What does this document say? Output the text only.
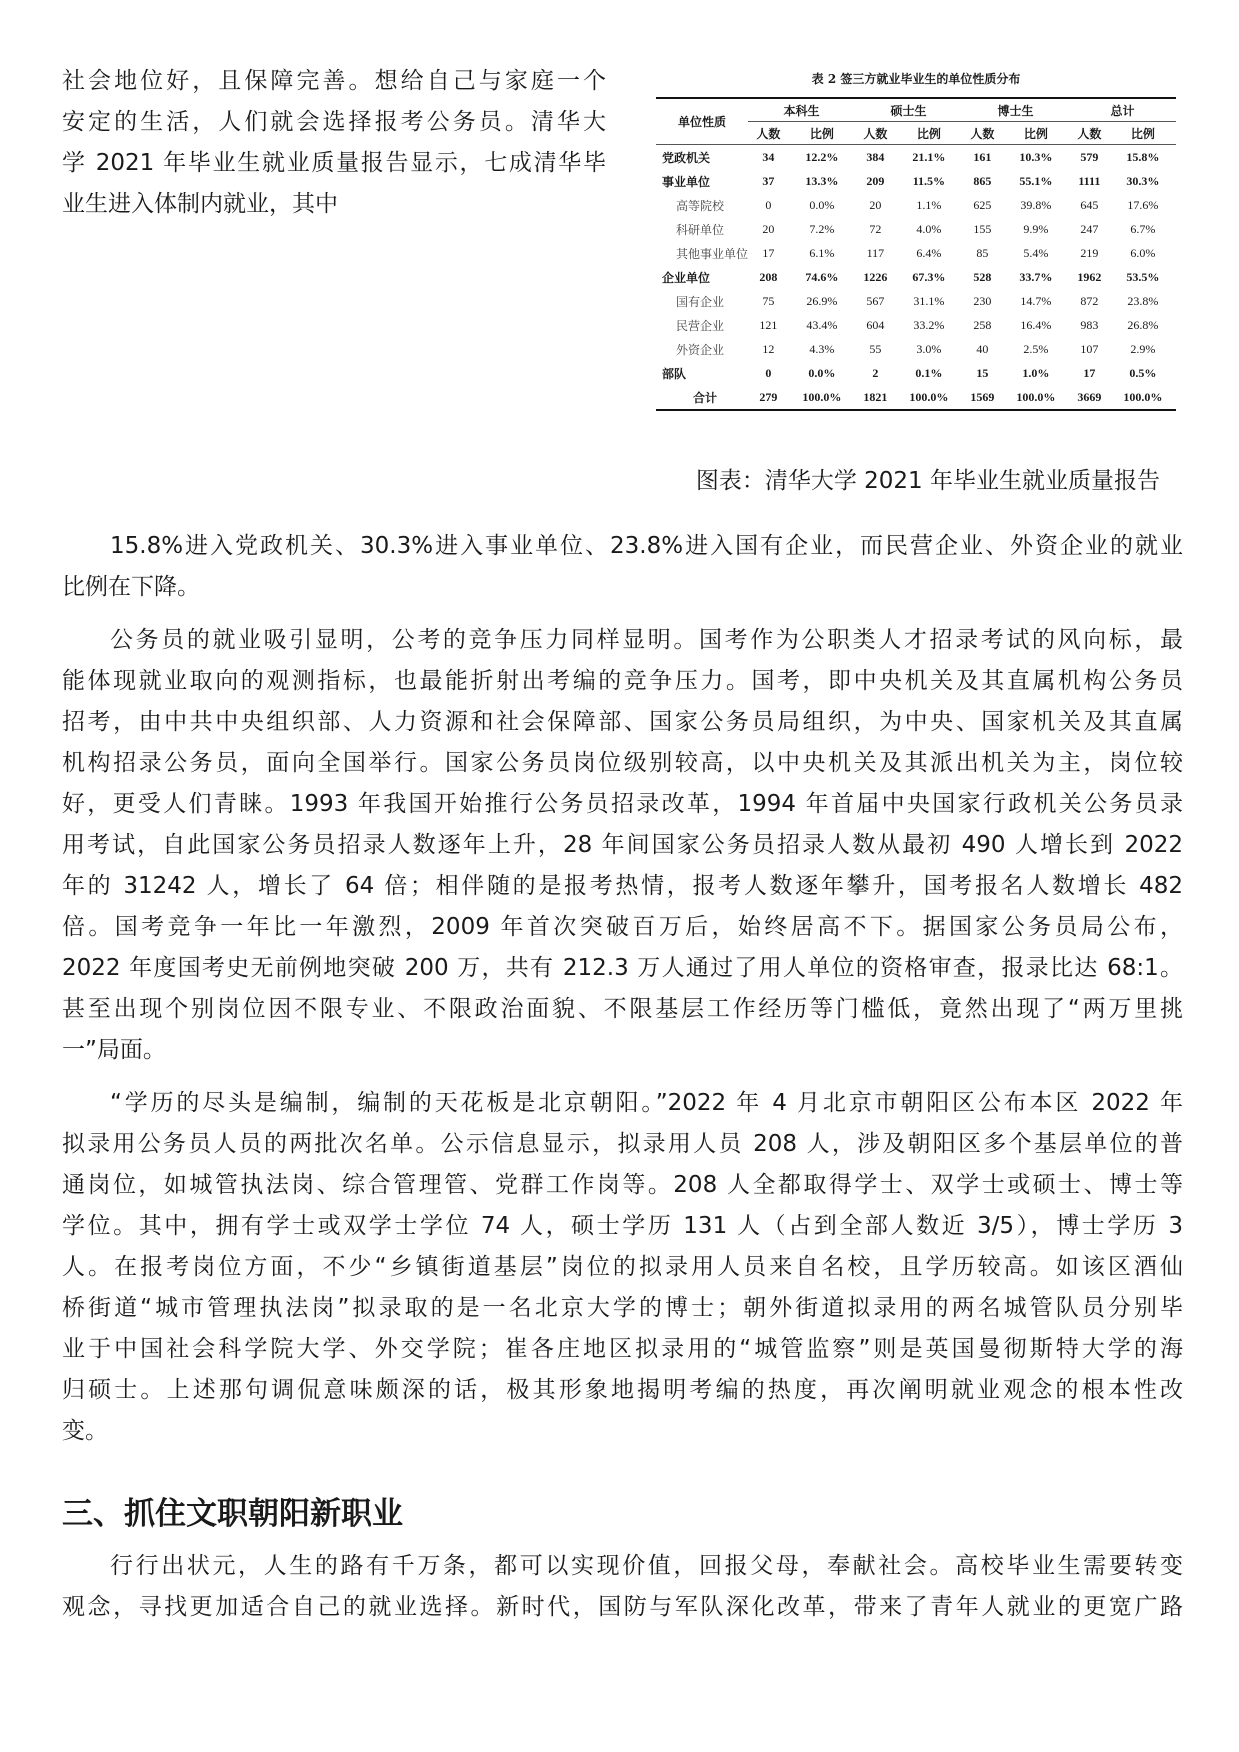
社会地位好，且保障完善。想给自己与家庭一个
安定的生活，人们就会选择报考公务员。清华大
学 2021 年毕业生就业质量报告显示，七成清华毕
业生进入体制内就业，其中
表 2 签三方就业毕业生的单位性质分布
单位性质	本科生		硕士生		博士生		总计	
	人数	比例	人数	比例	人数	比例	人数	比例
党政机关	34	12.2%	384	21.1%	161	10.3%	579	15.8%
事业单位	37	13.3%	209	11.5%	865	55.1%	1111	30.3%
高等院校	0	0.0%	20	1.1%	625	39.8%	645	17.6%
科研单位	20	7.2%	72	4.0%	155	9.9%	247	6.7%
其他事业单位	17	6.1%	117	6.4%	85	5.4%	219	6.0%
企业单位	208	74.6%	1226	67.3%	528	33.7%	1962	53.5%
国有企业	75	26.9%	567	31.1%	230	14.7%	872	23.8%
民营企业	121	43.4%	604	33.2%	258	16.4%	983	26.8%
外资企业	12	4.3%	55	3.0%	40	2.5%	107	2.9%
部队	0	0.0%	2	0.1%	15	1.0%	17	0.5%
合计	279	100.0%	1821	100.0%	1569	100.0%	3669	100.0%
图表：清华大学 2021 年毕业生就业质量报告
15.8%进入党政机关、30.3%进入事业单位、23.8%进入国有企业，而民营企业、外资企业的就业
比例在下降。
公务员的就业吸引显明，公考的竞争压力同样显明。国考作为公职类人才招录考试的风向标，最
能体现就业取向的观测指标，也最能折射出考编的竞争压力。国考，即中央机关及其直属机构公务员
招考，由中共中央组织部、人力资源和社会保障部、国家公务员局组织，为中央、国家机关及其直属
机构招录公务员，面向全国举行。国家公务员岗位级别较高，以中央机关及其派出机关为主，岗位较
好，更受人们青睐。1993 年我国开始推行公务员招录改革，1994 年首届中央国家行政机关公务员录
用考试，自此国家公务员招录人数逐年上升，28 年间国家公务员招录人数从最初 490 人增长到 2022
年的 31242 人，增长了 64 倍；相伴随的是报考热情，报考人数逐年攀升，国考报名人数增长 482
倍。国考竞争一年比一年激烈，2009 年首次突破百万后，始终居高不下。据国家公务员局公布，
2022 年度国考史无前例地突破 200 万，共有 212.3 万人通过了用人单位的资格审查，报录比达 68:1。
甚至出现个别岗位因不限专业、不限政治面貌、不限基层工作经历等门槛低，竟然出现了“两万里挑
一”局面。
“学历的尽头是编制，编制的天花板是北京朝阳。”2022 年 4 月北京市朝阳区公布本区 2022 年
拟录用公务员人员的两批次名单。公示信息显示，拟录用人员 208 人，涉及朝阳区多个基层单位的普
通岗位，如城管执法岗、综合管理管、党群工作岗等。208 人全都取得学士、双学士或硕士、博士等
学位。其中，拥有学士或双学士学位 74 人，硕士学历 131 人（占到全部人数近 3/5），博士学历 3
人。在报考岗位方面，不少“乡镇街道基层”岗位的拟录用人员来自名校，且学历较高。如该区酒仙
桥街道“城市管理执法岗”拟录取的是一名北京大学的博士；朝外街道拟录用的两名城管队员分别毕
业于中国社会科学院大学、外交学院；崔各庄地区拟录用的“城管监察”则是英国曼彻斯特大学的海
归硕士。上述那句调侃意味颇深的话，极其形象地揭明考编的热度，再次阐明就业观念的根本性改
变。
三、抓住文职朝阳新职业
行行出状元，人生的路有千万条，都可以实现价值，回报父母，奉献社会。高校毕业生需要转变
观念，寻找更加适合自己的就业选择。新时代，国防与军队深化改革，带来了青年人就业的更宽广路
